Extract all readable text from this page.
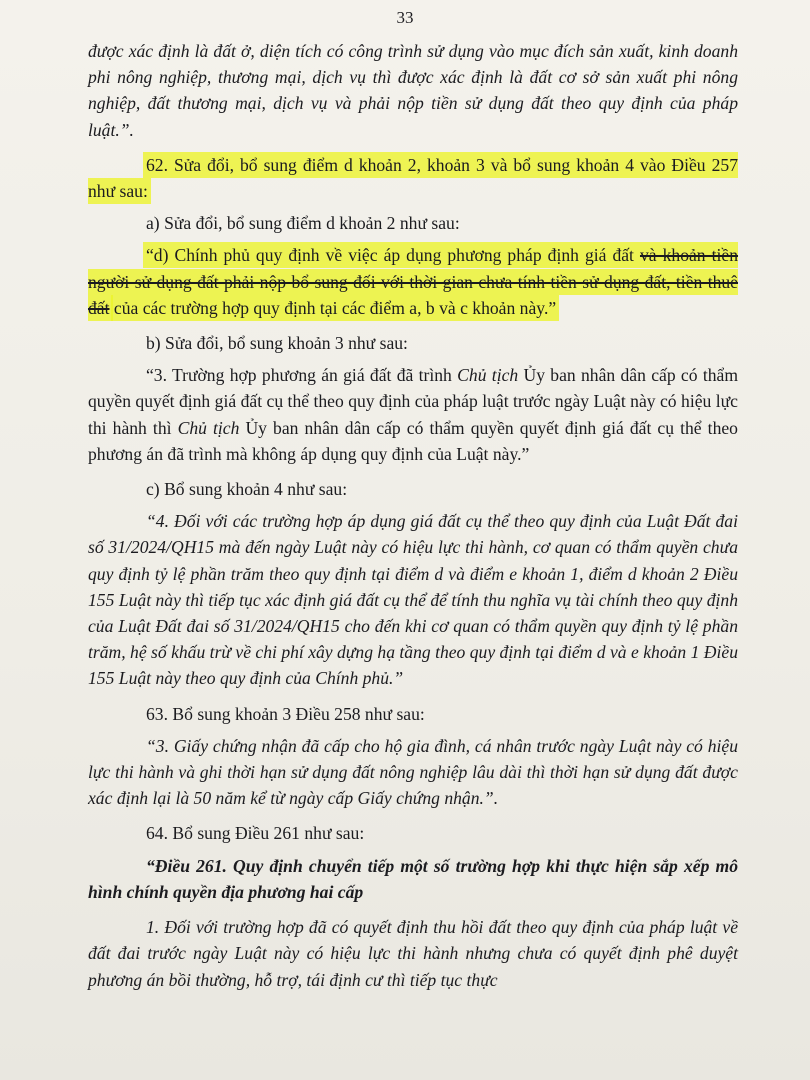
33

được xác định là đất ở, diện tích có công trình sử dụng vào mục đích sản xuất, kinh doanh phi nông nghiệp, thương mại, dịch vụ thì được xác định là đất cơ sở sản xuất phi nông nghiệp, đất thương mại, dịch vụ và phải nộp tiền sử dụng đất theo quy định của pháp luật.”.

62. Sửa đổi, bổ sung điểm d khoản 2, khoản 3 và bổ sung khoản 4 vào Điều 257 như sau:

a) Sửa đổi, bổ sung điểm d khoản 2 như sau:

“d) Chính phủ quy định về việc áp dụng phương pháp định giá đất và khoản tiền người sử dụng đất phải nộp bổ sung đối với thời gian chưa tính tiền sử dụng đất, tiền thuê đất của các trường hợp quy định tại các điểm a, b và c khoản này.”

b) Sửa đổi, bổ sung khoản 3 như sau:

“3. Trường hợp phương án giá đất đã trình Chủ tịch Ủy ban nhân dân cấp có thẩm quyền quyết định giá đất cụ thể theo quy định của pháp luật trước ngày Luật này có hiệu lực thi hành thì Chủ tịch Ủy ban nhân dân cấp có thẩm quyền quyết định giá đất cụ thể theo phương án đã trình mà không áp dụng quy định của Luật này.”

c) Bổ sung khoản 4 như sau:

“4. Đối với các trường hợp áp dụng giá đất cụ thể theo quy định của Luật Đất đai số 31/2024/QH15 mà đến ngày Luật này có hiệu lực thi hành, cơ quan có thẩm quyền chưa quy định tỷ lệ phần trăm theo quy định tại điểm d và điểm e khoản 1, điểm d khoản 2 Điều 155 Luật này thì tiếp tục xác định giá đất cụ thể để tính thu nghĩa vụ tài chính theo quy định của Luật Đất đai số 31/2024/QH15 cho đến khi cơ quan có thẩm quyền quy định tỷ lệ phần trăm, hệ số khấu trừ về chi phí xây dựng hạ tầng theo quy định tại điểm d và e khoản 1 Điều 155 Luật này theo quy định của Chính phủ.”

63. Bổ sung khoản 3 Điều 258 như sau:

“3. Giấy chứng nhận đã cấp cho hộ gia đình, cá nhân trước ngày Luật này có hiệu lực thi hành và ghi thời hạn sử dụng đất nông nghiệp lâu dài thì thời hạn sử dụng đất được xác định lại là 50 năm kể từ ngày cấp Giấy chứng nhận.”.

64. Bổ sung Điều 261 như sau:

“Điều 261. Quy định chuyển tiếp một số trường hợp khi thực hiện sắp xếp mô hình chính quyền địa phương hai cấp

1. Đối với trường hợp đã có quyết định thu hồi đất theo quy định của pháp luật về đất đai trước ngày Luật này có hiệu lực thi hành nhưng chưa có quyết định phê duyệt phương án bồi thường, hỗ trợ, tái định cư thì tiếp tục thực
